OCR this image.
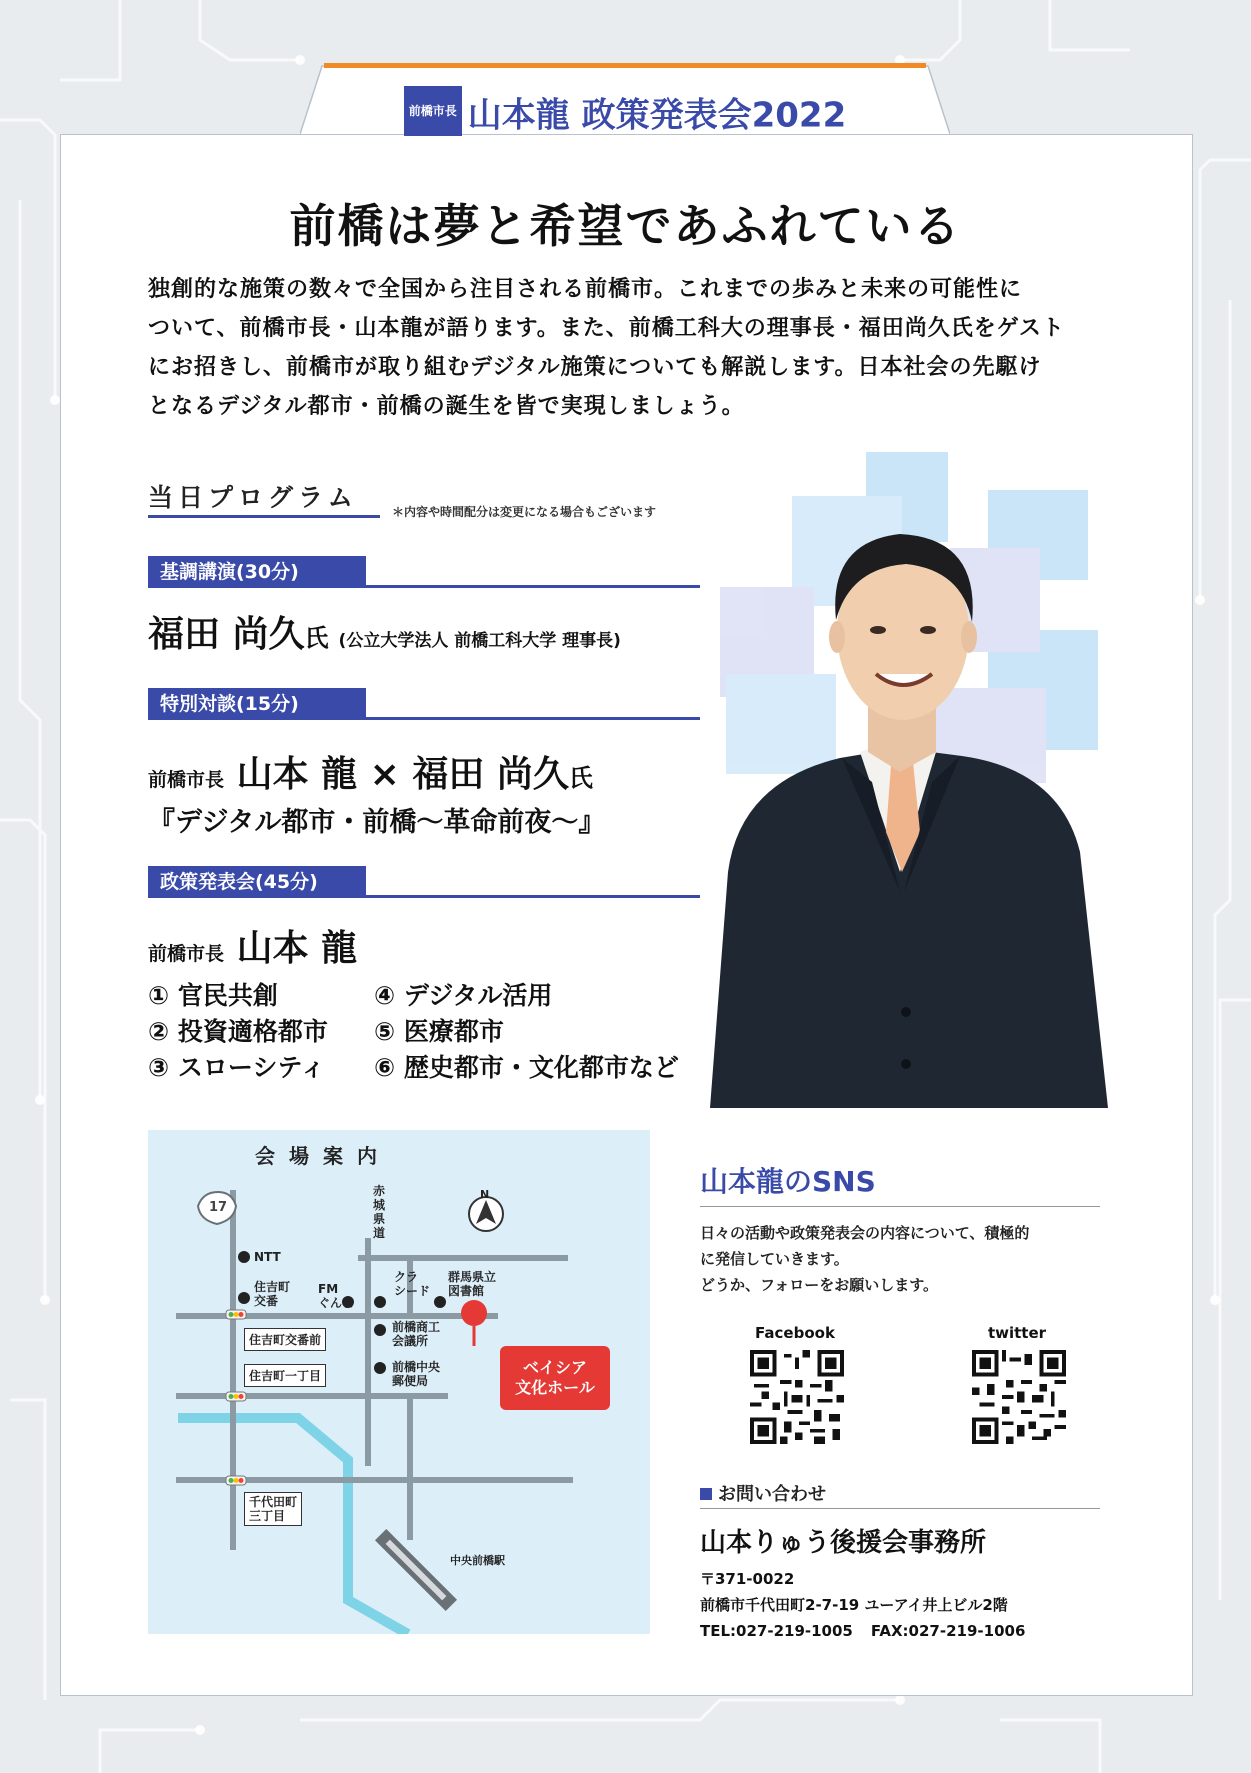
前橋市長 山本龍 政策発表会2022
前橋は夢と希望であふれている
独創的な施策の数々で全国から注目される前橋市。これまでの歩みと未来の可能性に
ついて、前橋市長・山本龍が語ります。また、前橋工科大の理事長・福田尚久氏をゲスト
にお招きし、前橋市が取り組むデジタル施策についても解説します。日本社会の先駆け
となるデジタル都市・前橋の誕生を皆で実現しましょう。
当日プログラム	＊内容や時間配分は変更になる場合もございます
基調講演(30分)
福田 尚久氏 (公立大学法人 前橋工科大学 理事長)
特別対談(15分)
前橋市長 山本 龍 × 福田 尚久氏
『デジタル都市・前橋～革命前夜～』
政策発表会(45分)
前橋市長 山本 龍
① 官民共創
② 投資適格都市
③ スローシティ
④ デジタル活用
⑤ 医療都市
⑥ 歴史都市・文化都市など
会場案内
17
N
NTT
住吉町
交番
FM
ぐんま
赤
城
県
道
クラ
シード
群馬県立
図書館
前橋商工
会議所
前橋中央
郵便局
中央前橋駅
住吉町交番前
住吉町一丁目
千代田町
三丁目
ベイシア
文化ホール
山本龍のSNS
日々の活動や政策発表会の内容について、積極的
に発信していきます。
どうか、フォローをお願いします。
Facebook	twitter
お問い合わせ
山本りゅう後援会事務所
〒371-0022
前橋市千代田町2-7-19 ユーアイ井上ビル2階
TEL:027-219-1005 FAX:027-219-1006
